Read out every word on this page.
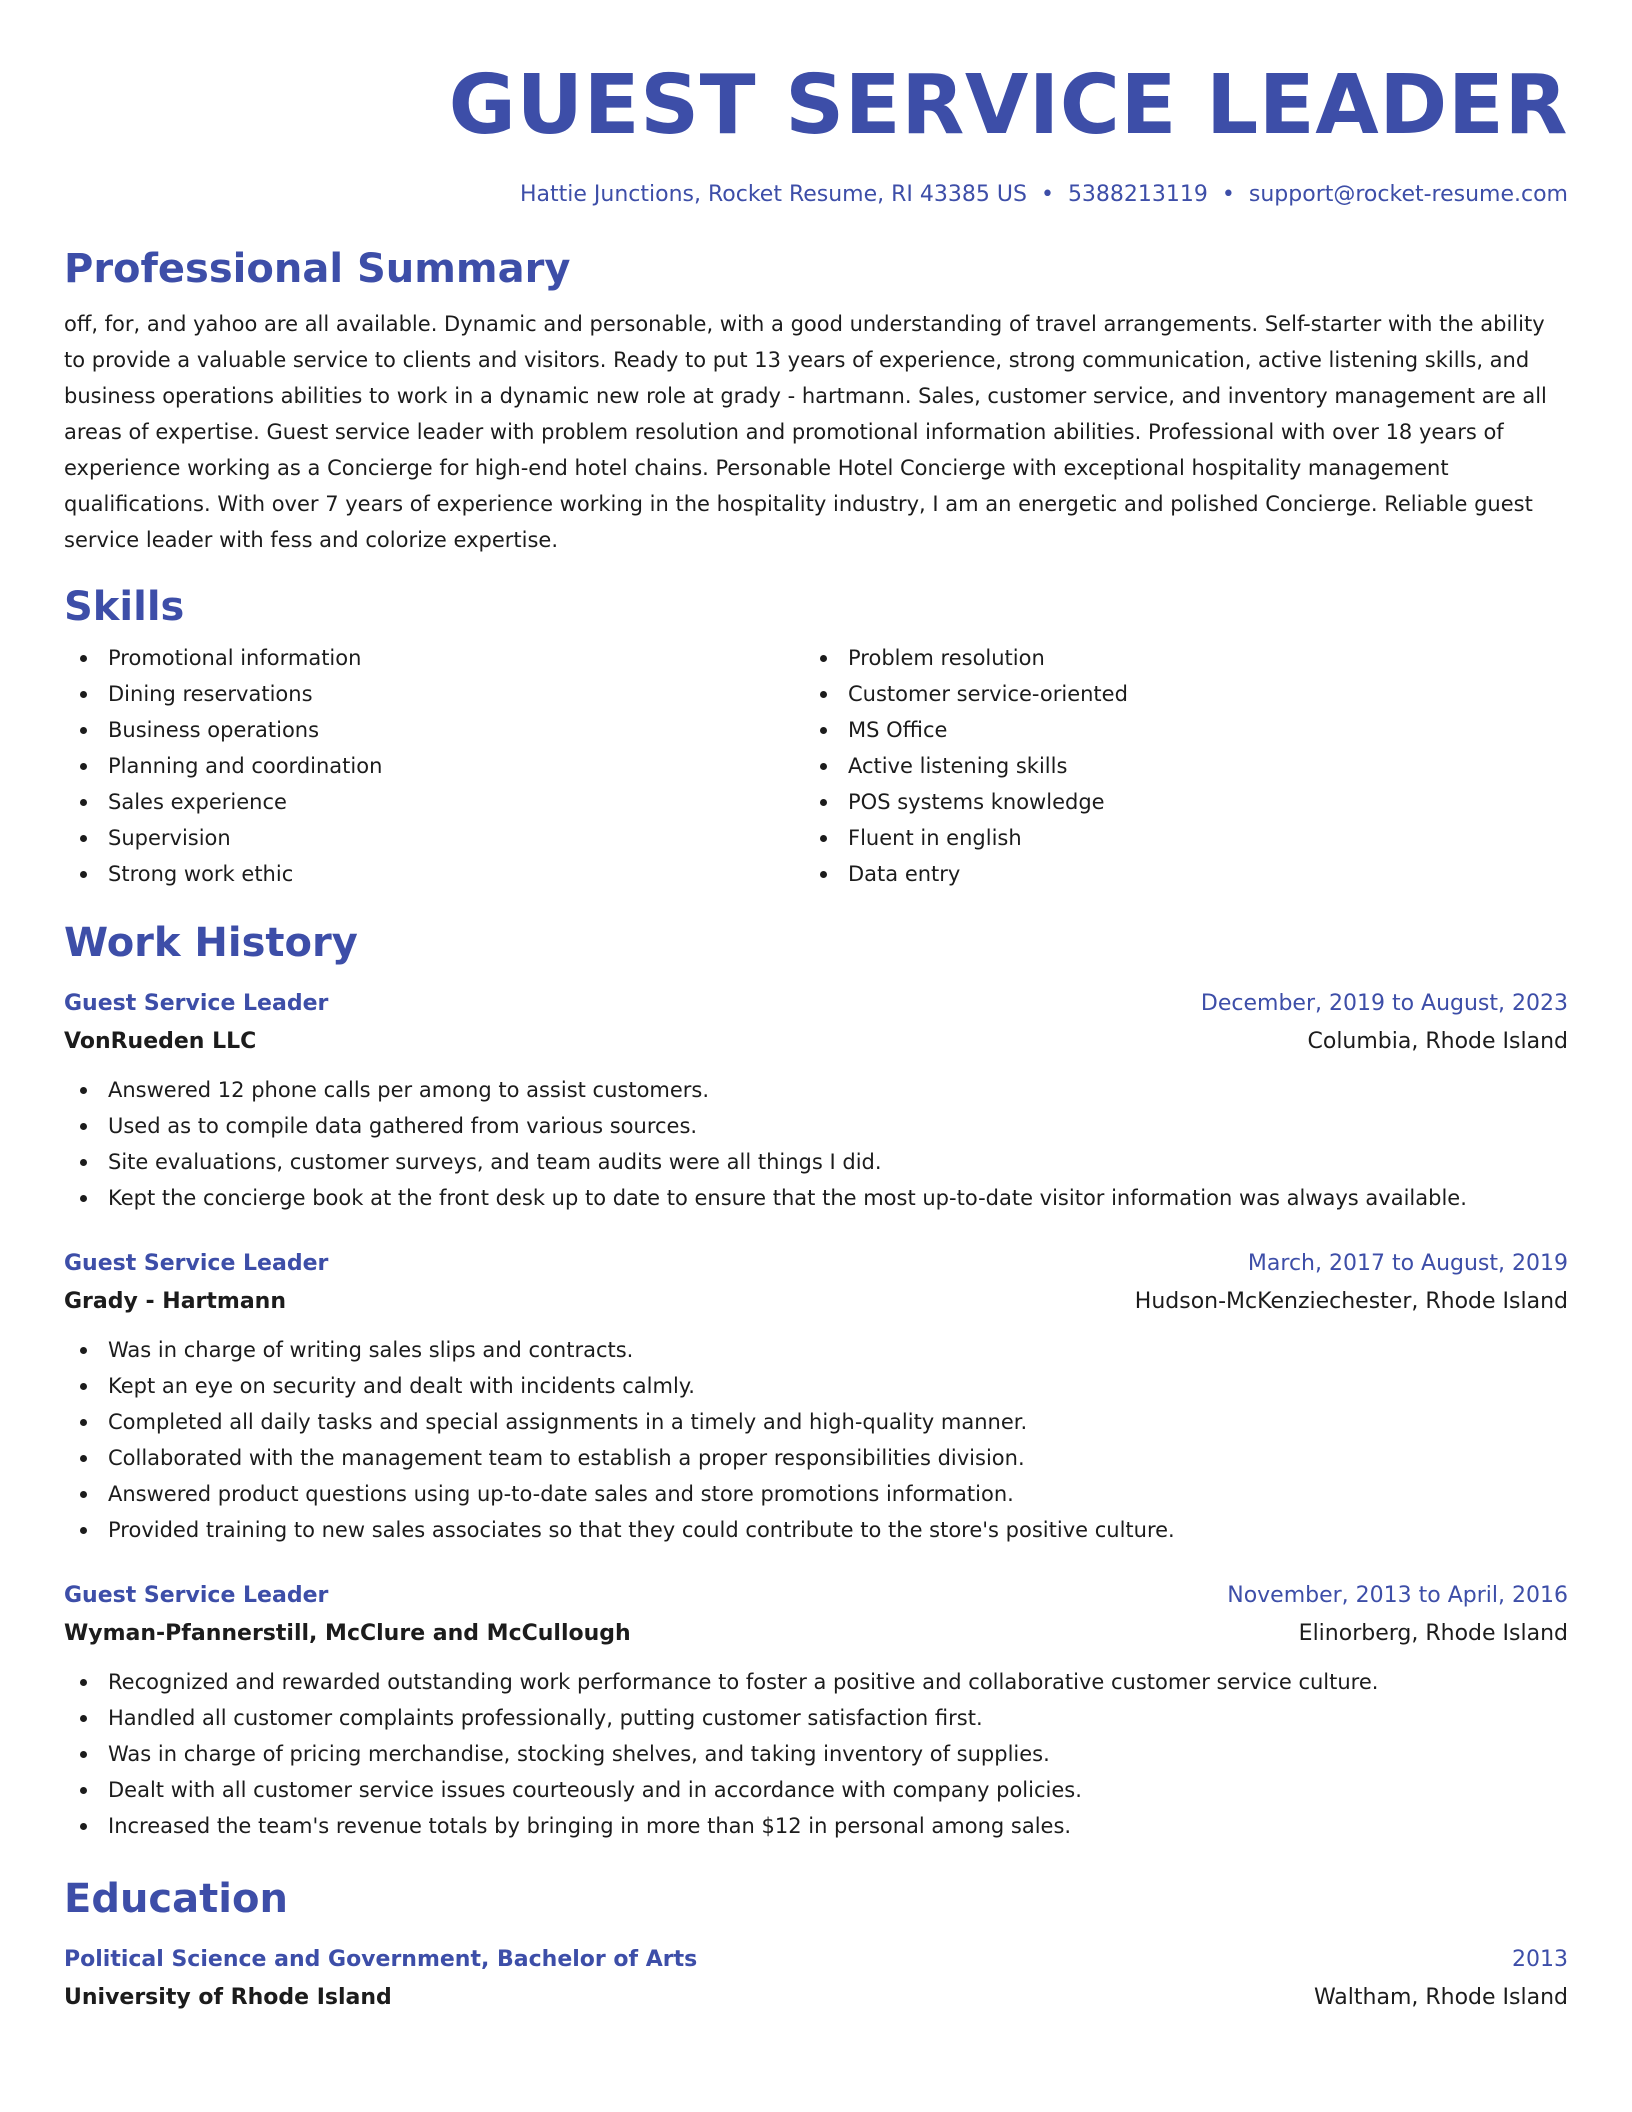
GUEST SERVICE LEADER
Hattie Junctions, Rocket Resume, RI 43385 US • 5388213119 • support@rocket-resume.com
Professional Summary
off, for, and yahoo are all available. Dynamic and personable, with a good understanding of travel arrangements. Self-starter with the ability to provide a valuable service to clients and visitors. Ready to put 13 years of experience, strong communication, active listening skills, and business operations abilities to work in a dynamic new role at grady - hartmann. Sales, customer service, and inventory management are all areas of expertise. Guest service leader with problem resolution and promotional information abilities. Professional with over 18 years of experience working as a Concierge for high-end hotel chains. Personable Hotel Concierge with exceptional hospitality management qualifications. With over 7 years of experience working in the hospitality industry, I am an energetic and polished Concierge. Reliable guest service leader with fess and colorize expertise.
Skills
Promotional information
Dining reservations
Business operations
Planning and coordination
Sales experience
Supervision
Strong work ethic
Problem resolution
Customer service-oriented
MS Office
Active listening skills
POS systems knowledge
Fluent in english
Data entry
Work History
Guest Service Leader	December, 2019 to August, 2023
VonRueden LLC	Columbia, Rhode Island
Answered 12 phone calls per among to assist customers.
Used as to compile data gathered from various sources.
Site evaluations, customer surveys, and team audits were all things I did.
Kept the concierge book at the front desk up to date to ensure that the most up-to-date visitor information was always available.
Guest Service Leader	March, 2017 to August, 2019
Grady - Hartmann	Hudson-McKenziechester, Rhode Island
Was in charge of writing sales slips and contracts.
Kept an eye on security and dealt with incidents calmly.
Completed all daily tasks and special assignments in a timely and high-quality manner.
Collaborated with the management team to establish a proper responsibilities division.
Answered product questions using up-to-date sales and store promotions information.
Provided training to new sales associates so that they could contribute to the store's positive culture.
Guest Service Leader	November, 2013 to April, 2016
Wyman-Pfannerstill, McClure and McCullough	Elinorberg, Rhode Island
Recognized and rewarded outstanding work performance to foster a positive and collaborative customer service culture.
Handled all customer complaints professionally, putting customer satisfaction first.
Was in charge of pricing merchandise, stocking shelves, and taking inventory of supplies.
Dealt with all customer service issues courteously and in accordance with company policies.
Increased the team's revenue totals by bringing in more than $12 in personal among sales.
Education
Political Science and Government, Bachelor of Arts	2013
University of Rhode Island	Waltham, Rhode Island
